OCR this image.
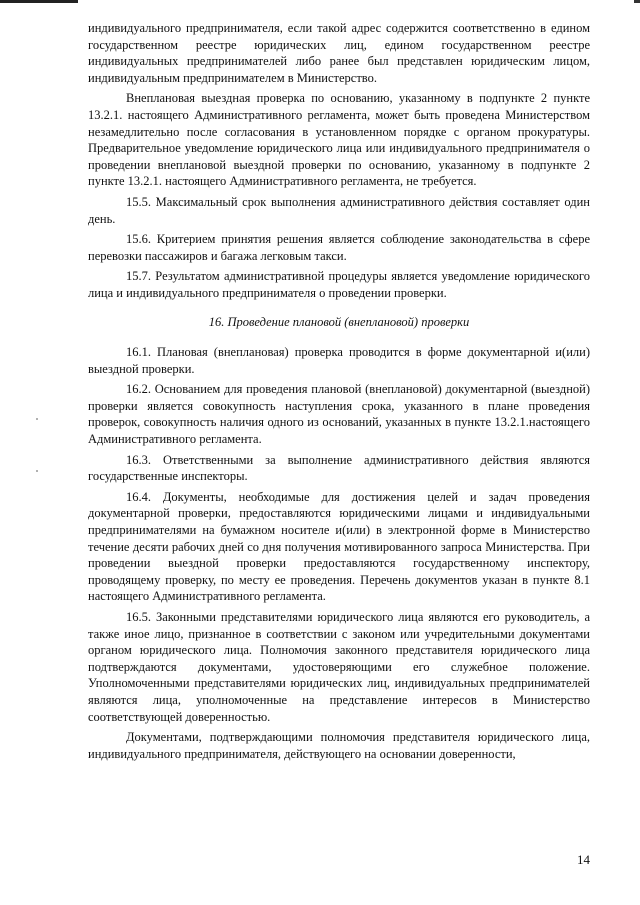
индивидуального предпринимателя, если такой адрес содержится соответственно в едином государственном реестре юридических лиц, едином государственном реестре индивидуальных предпринимателей либо ранее был представлен юридическим лицом, индивидуальным предпринимателем в Министерство.

Внеплановая выездная проверка по основанию, указанному в подпункте 2 пункте 13.2.1. настоящего Административного регламента, может быть проведена Министерством незамедлительно после согласования в установленном порядке с органом прокуратуры. Предварительное уведомление юридического лица или индивидуального предпринимателя о проведении внеплановой выездной проверки по основанию, указанному в подпункте 2 пункте 13.2.1. настоящего Административного регламента, не требуется.

15.5. Максимальный срок выполнения административного действия составляет один день.

15.6. Критерием принятия решения является соблюдение законодательства в сфере перевозки пассажиров и багажа легковым такси.

15.7. Результатом административной процедуры является уведомление юридического лица и индивидуального предпринимателя о проведении проверки.

16. Проведение плановой (внеплановой) проверки

16.1. Плановая (внеплановая) проверка проводится в форме документарной и(или) выездной проверки.

16.2. Основанием для проведения плановой (внеплановой) документарной (выездной) проверки является совокупность наступления срока, указанного в плане проведения проверок, совокупность наличия одного из оснований, указанных в пункте 13.2.1.настоящего Административного регламента.

16.3. Ответственными за выполнение административного действия являются государственные инспекторы.

16.4. Документы, необходимые для достижения целей и задач проведения документарной проверки, предоставляются юридическими лицами и индивидуальными предпринимателями на бумажном носителе и(или) в электронной форме в Министерство течение десяти рабочих дней со дня получения мотивированного запроса Министерства. При проведении выездной проверки предоставляются государственному инспектору, проводящему проверку, по месту ее проведения. Перечень документов указан в пункте 8.1 настоящего Административного регламента.

16.5. Законными представителями юридического лица являются его руководитель, а также иное лицо, признанное в соответствии с законом или учредительными документами органом юридического лица. Полномочия законного представителя юридического лица подтверждаются документами, удостоверяющими его служебное положение. Уполномоченными представителями юридических лиц, индивидуальных предпринимателей являются лица, уполномоченные на представление интересов в Министерство соответствующей доверенностью.

Документами, подтверждающими полномочия представителя юридического лица, индивидуального предпринимателя, действующего на основании доверенности,

14
